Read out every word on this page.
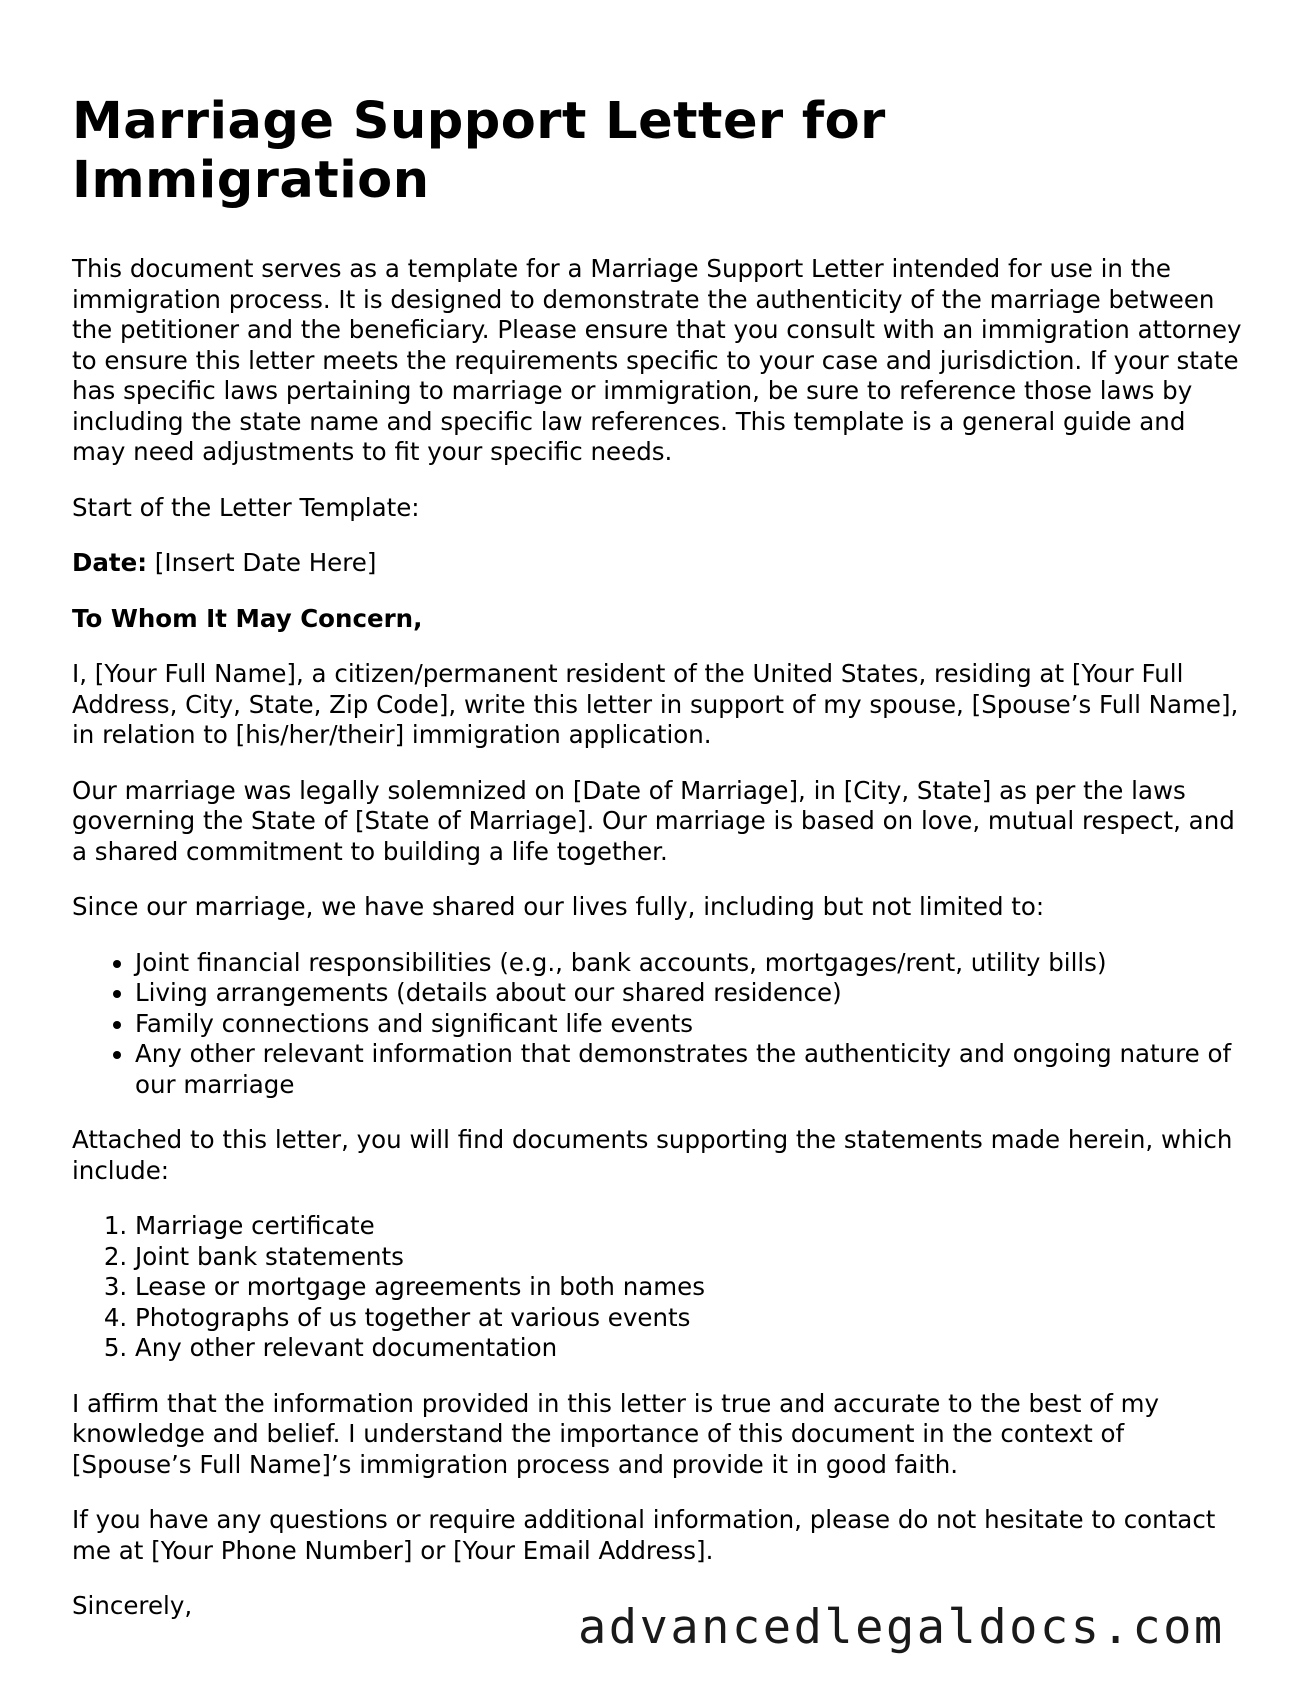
Marriage Support Letter for Immigration

This document serves as a template for a Marriage Support Letter intended for use in the immigration process. It is designed to demonstrate the authenticity of the marriage between the petitioner and the beneficiary. Please ensure that you consult with an immigration attorney to ensure this letter meets the requirements specific to your case and jurisdiction. If your state has specific laws pertaining to marriage or immigration, be sure to reference those laws by including the state name and specific law references. This template is a general guide and may need adjustments to fit your specific needs.

Start of the Letter Template:

Date: [Insert Date Here]

To Whom It May Concern,

I, [Your Full Name], a citizen/permanent resident of the United States, residing at [Your Full Address, City, State, Zip Code], write this letter in support of my spouse, [Spouse’s Full Name], in relation to [his/her/their] immigration application.

Our marriage was legally solemnized on [Date of Marriage], in [City, State] as per the laws governing the State of [State of Marriage]. Our marriage is based on love, mutual respect, and a shared commitment to building a life together.

Since our marriage, we have shared our lives fully, including but not limited to:

• Joint financial responsibilities (e.g., bank accounts, mortgages/rent, utility bills)
• Living arrangements (details about our shared residence)
• Family connections and significant life events
• Any other relevant information that demonstrates the authenticity and ongoing nature of our marriage

Attached to this letter, you will find documents supporting the statements made herein, which include:

1. Marriage certificate
2. Joint bank statements
3. Lease or mortgage agreements in both names
4. Photographs of us together at various events
5. Any other relevant documentation

I affirm that the information provided in this letter is true and accurate to the best of my knowledge and belief. I understand the importance of this document in the context of [Spouse’s Full Name]’s immigration process and provide it in good faith.

If you have any questions or require additional information, please do not hesitate to contact me at [Your Phone Number] or [Your Email Address].

Sincerely,	advancedlegaldocs.com
